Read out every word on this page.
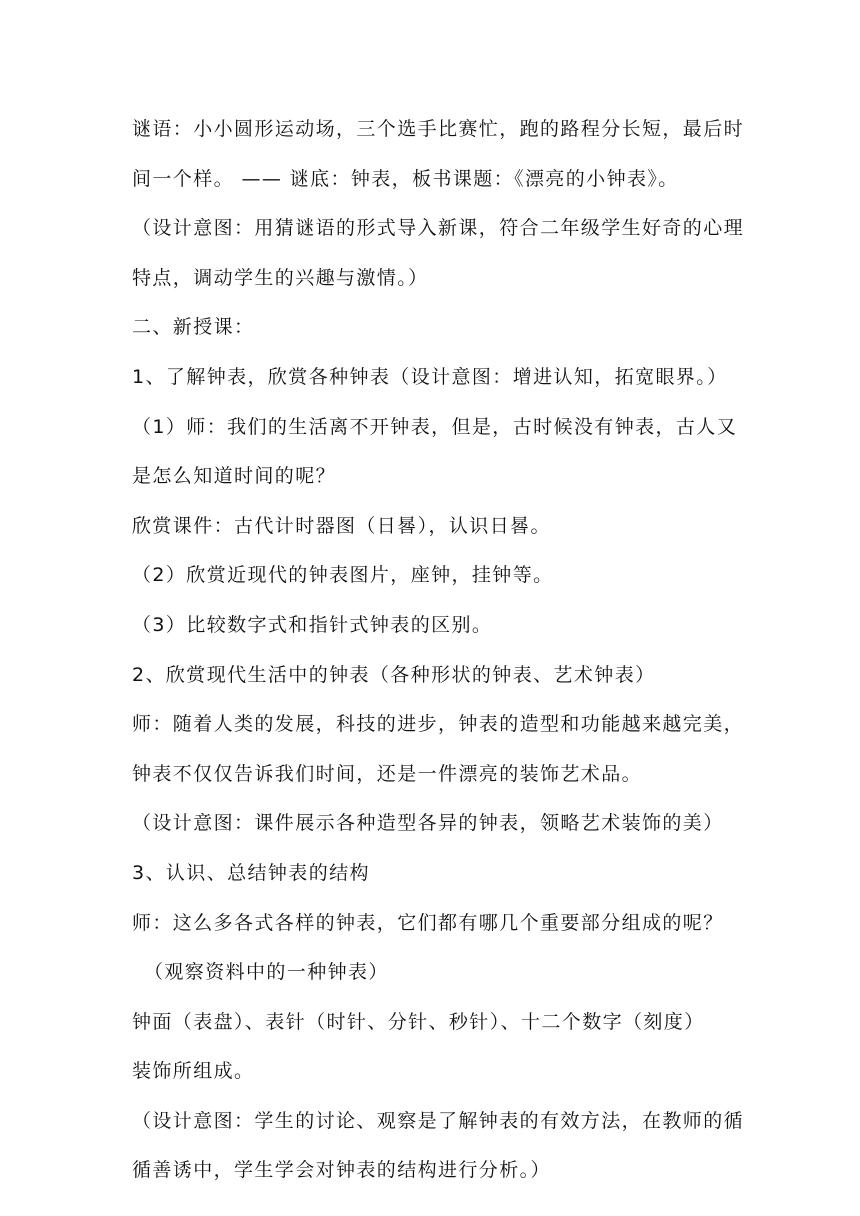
谜语：小小圆形运动场，三个选手比赛忙，跑的路程分长短，最后时
间一个样。 —— 谜底：钟表，板书课题：《漂亮的小钟表》。
（设计意图：用猜谜语的形式导入新课，符合二年级学生好奇的心理
特点，调动学生的兴趣与激情。）
二、新授课：
1、了解钟表，欣赏各种钟表（设计意图：增进认知，拓宽眼界。）
（1）师：我们的生活离不开钟表，但是，古时候没有钟表，古人又
是怎么知道时间的呢？
欣赏课件：古代计时器图（日晷），认识日晷。
（2）欣赏近现代的钟表图片，座钟，挂钟等。
（3）比较数字式和指针式钟表的区别。
2、欣赏现代生活中的钟表（各种形状的钟表、艺术钟表）
师：随着人类的发展，科技的进步，钟表的造型和功能越来越完美，
钟表不仅仅告诉我们时间，还是一件漂亮的装饰艺术品。
（设计意图：课件展示各种造型各异的钟表，领略艺术装饰的美）
3、认识、总结钟表的结构
师：这么多各式各样的钟表，它们都有哪几个重要部分组成的呢？
（观察资料中的一种钟表）
钟面（表盘）、表针（时针、分针、秒针）、十二个数字（刻度）
装饰所组成。
（设计意图：学生的讨论、观察是了解钟表的有效方法，在教师的循
循善诱中，学生学会对钟表的结构进行分析。）
